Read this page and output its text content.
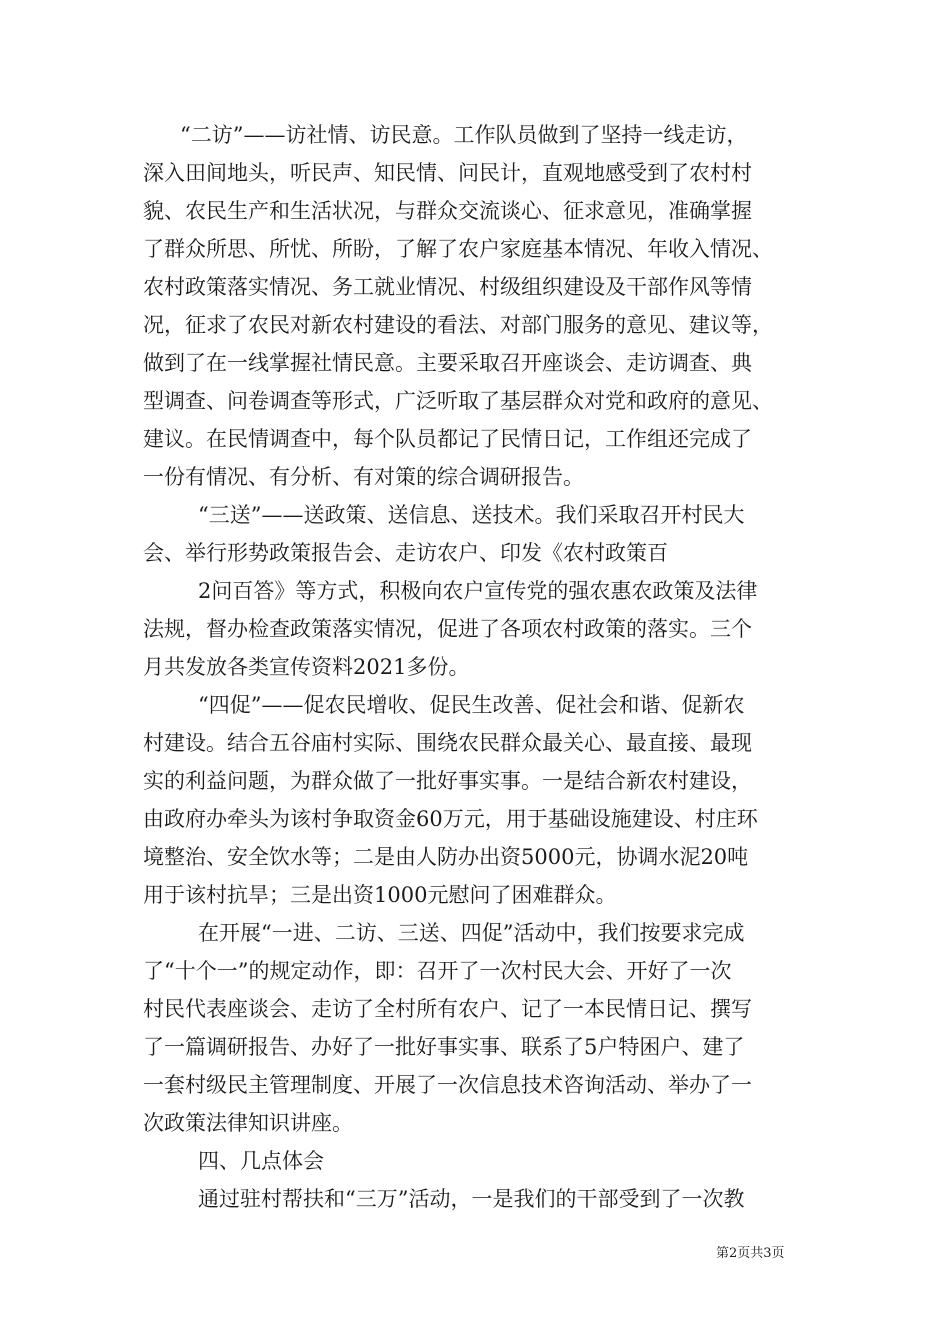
“二访”——访社情、访民意。工作队员做到了坚持一线走访，
深入田间地头，听民声、知民情、问民计，直观地感受到了农村村
貌、农民生产和生活状况，与群众交流谈心、征求意见，准确掌握
了群众所思、所忧、所盼，了解了农户家庭基本情况、年收入情况、
农村政策落实情况、务工就业情况、村级组织建设及干部作风等情
况，征求了农民对新农村建设的看法、对部门服务的意见、建议等，
做到了在一线掌握社情民意。主要采取召开座谈会、走访调查、典
型调查、问卷调查等形式，广泛听取了基层群众对党和政府的意见、
建议。在民情调查中，每个队员都记了民情日记，工作组还完成了
一份有情况、有分析、有对策的综合调研报告。
“三送”——送政策、送信息、送技术。我们采取召开村民大
会、举行形势政策报告会、走访农户、印发《农村政策百
2问百答》等方式，积极向农户宣传党的强农惠农政策及法律
法规，督办检查政策落实情况，促进了各项农村政策的落实。三个
月共发放各类宣传资料2021多份。
“四促”——促农民增收、促民生改善、促社会和谐、促新农
村建设。结合五谷庙村实际、围绕农民群众最关心、最直接、最现
实的利益问题，为群众做了一批好事实事。一是结合新农村建设，
由政府办牵头为该村争取资金60万元，用于基础设施建设、村庄环
境整治、安全饮水等；二是由人防办出资5000元，协调水泥20吨
用于该村抗旱；三是出资1000元慰问了困难群众。
在开展“一进、二访、三送、四促”活动中，我们按要求完成
了“十个一”的规定动作，即：召开了一次村民大会、开好了一次
村民代表座谈会、走访了全村所有农户、记了一本民情日记、撰写
了一篇调研报告、办好了一批好事实事、联系了5户特困户、建了
一套村级民主管理制度、开展了一次信息技术咨询活动、举办了一
次政策法律知识讲座。
四、几点体会
通过驻村帮扶和“三万”活动，一是我们的干部受到了一次教
第2页共3页
